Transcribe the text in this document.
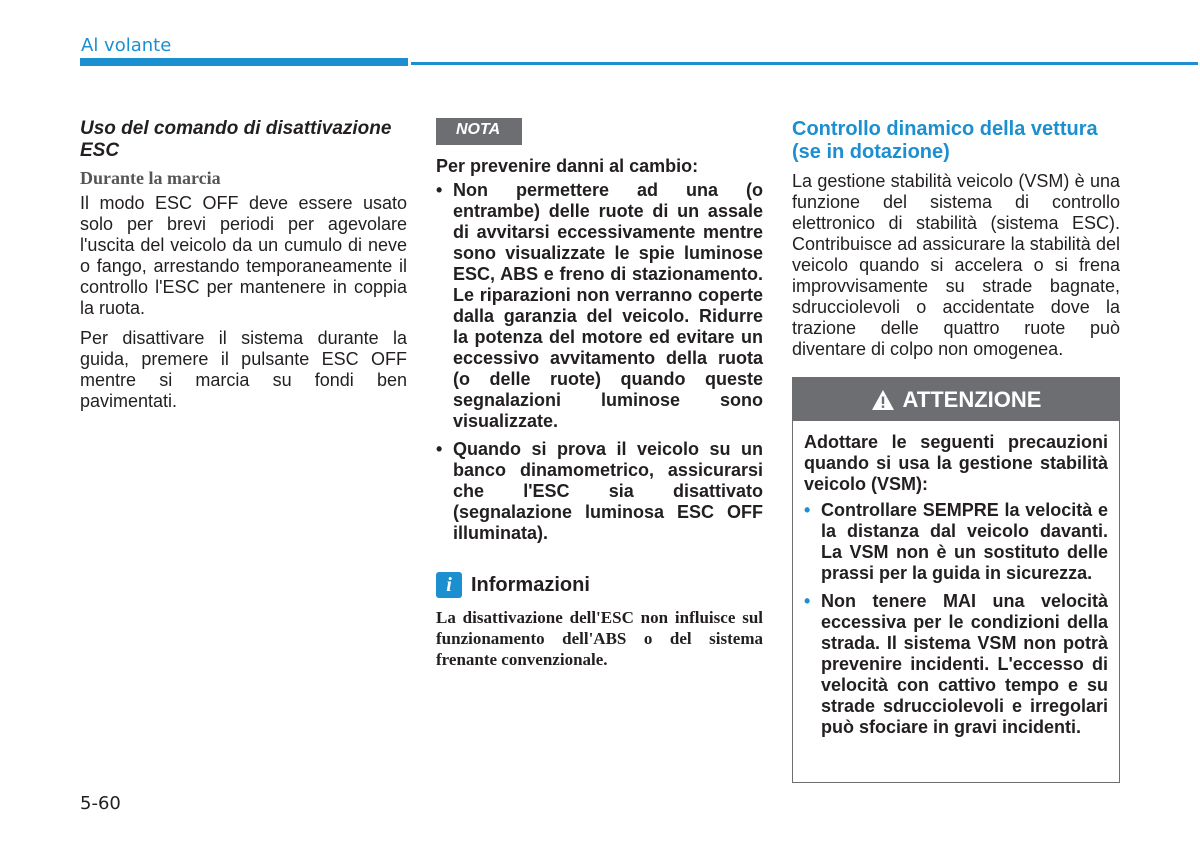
Al volante
Uso del comando di disattivazione ESC
Durante la marcia

Il modo ESC OFF deve essere usato solo per brevi periodi per agevolare l'uscita del veicolo da un cumulo di neve o fango, arrestando temporaneamente il controllo l'ESC per mantenere in coppia la ruota.

Per disattivare il sistema durante la guida, premere il pulsante ESC OFF mentre si marcia su fondi ben pavimentati.

NOTA
Per prevenire danni al cambio:
• Non permettere ad una (o entrambe) delle ruote di un assale di avvitarsi eccessivamente mentre sono visualizzate le spie luminose ESC, ABS e freno di stazionamento. Le riparazioni non verranno coperte dalla garanzia del veicolo. Ridurre la potenza del motore ed evitare un eccessivo avvitamento della ruota (o delle ruote) quando queste segnalazioni luminose sono visualizzate.
• Quando si prova il veicolo su un banco dinamometrico, assicurarsi che l'ESC sia disattivato (segnalazione luminosa ESC OFF illuminata).
i Informazioni

La disattivazione dell'ESC non influisce sul funzionamento dell'ABS o del sistema frenante convenzionale.

Controllo dinamico della vettura (se in dotazione)

La gestione stabilità veicolo (VSM) è una funzione del sistema di controllo elettronico di stabilità (sistema ESC). Contribuisce ad assicurare la stabilità del veicolo quando si accelera o si frena improvvisamente su strade bagnate, sdrucciolevoli o accidentate dove la trazione delle quattro ruote può diventare di colpo non omogenea.

ATTENZIONE
Adottare le seguenti precauzioni quando si usa la gestione stabilità veicolo (VSM):
• Controllare SEMPRE la velocità e la distanza dal veicolo davanti. La VSM non è un sostituto delle prassi per la guida in sicurezza.
• Non tenere MAI una velocità eccessiva per le condizioni della strada. Il sistema VSM non potrà prevenire incidenti. L'eccesso di velocità con cattivo tempo e su strade sdrucciolevoli e irregolari può sfociare in gravi incidenti.
5-60
